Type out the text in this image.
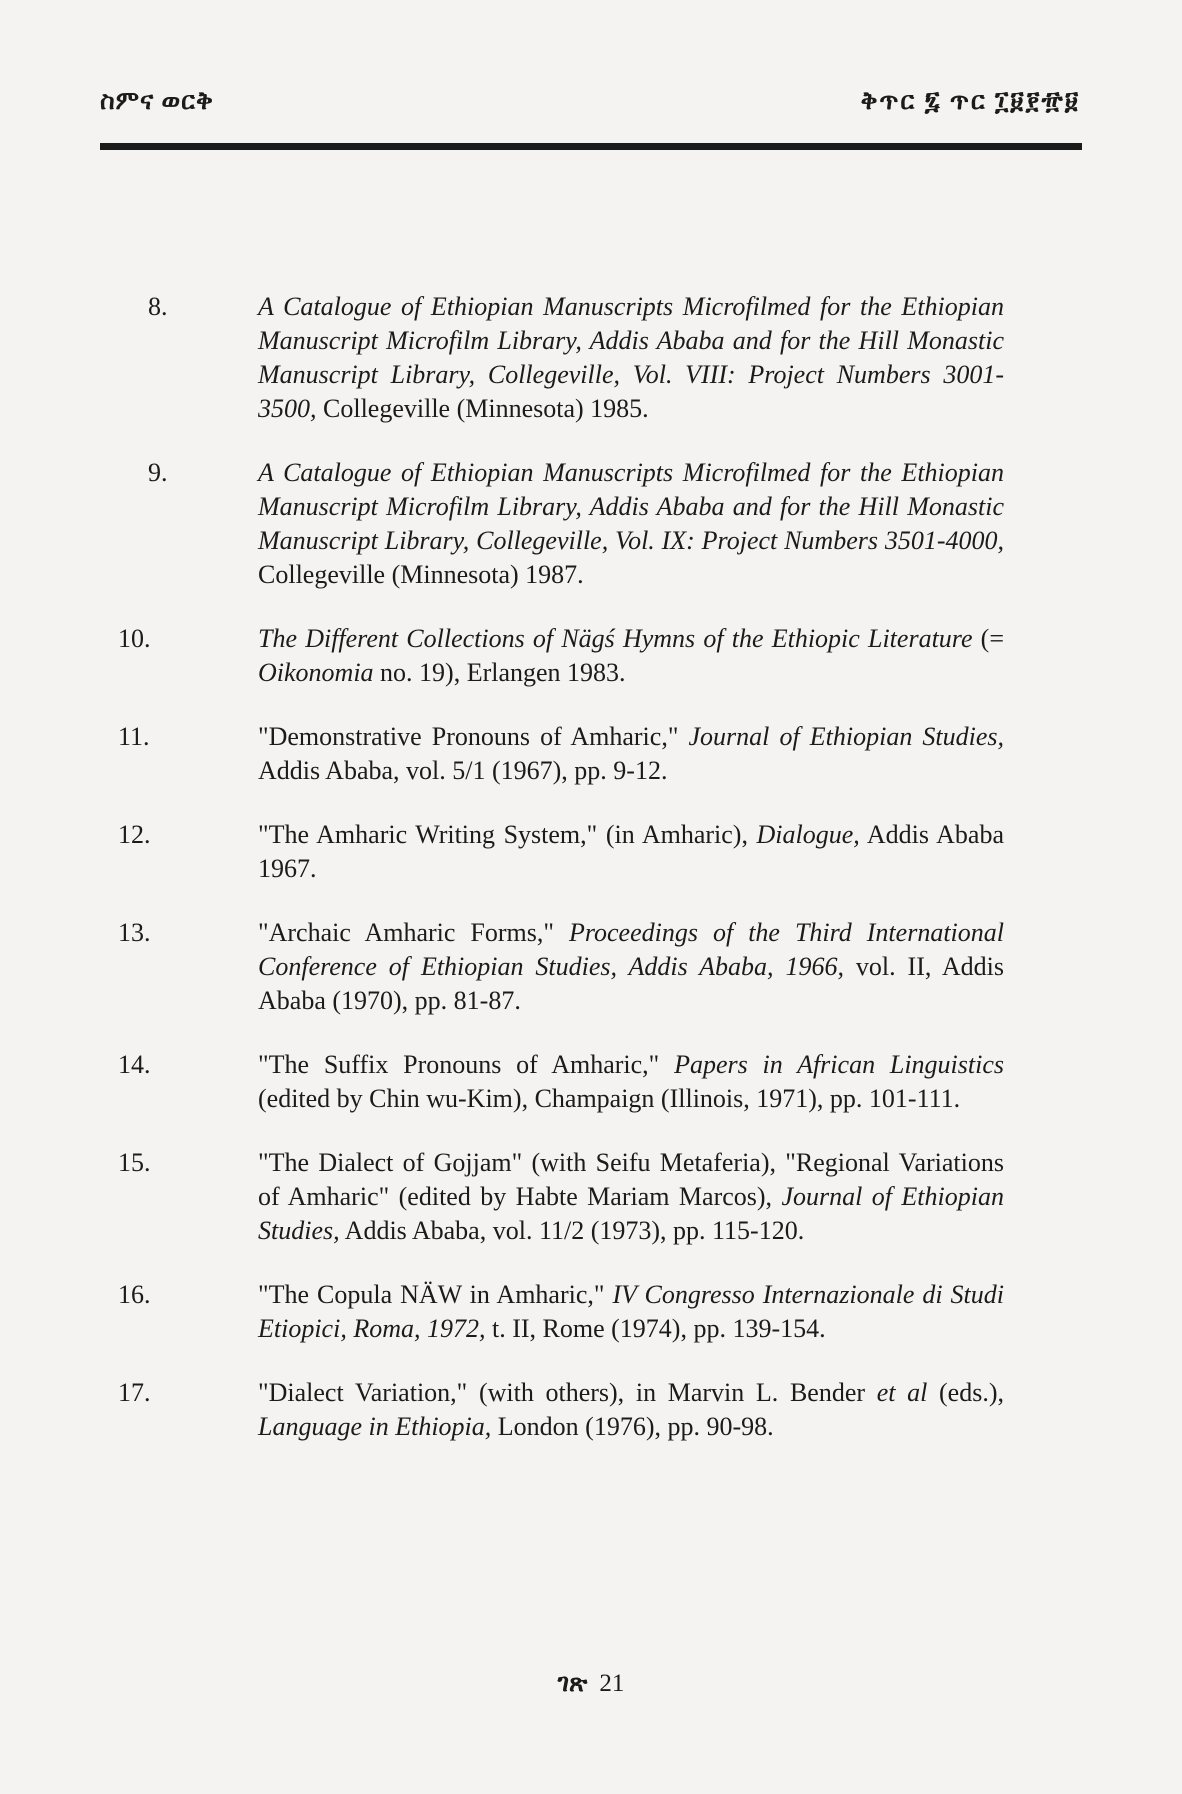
ስምና ወርቅ	ቅጥር ፯ ጥር ፲፱፻፹፱
8.	A Catalogue of Ethiopian Manuscripts Microfilmed for the Ethiopian Manuscript Microfilm Library, Addis Ababa and for the Hill Monastic Manuscript Library, Collegeville, Vol. VIII: Project Numbers 3001-3500, Collegeville (Minnesota) 1985.
9.	A Catalogue of Ethiopian Manuscripts Microfilmed for the Ethiopian Manuscript Microfilm Library, Addis Ababa and for the Hill Monastic Manuscript Library, Collegeville, Vol. IX: Project Numbers 3501-4000, Collegeville (Minnesota) 1987.
10.	The Different Collections of Nägś Hymns of the Ethiopic Literature (= Oikonomia no. 19), Erlangen 1983.
11.	"Demonstrative Pronouns of Amharic," Journal of Ethiopian Studies, Addis Ababa, vol. 5/1 (1967), pp. 9-12.
12.	"The Amharic Writing System," (in Amharic), Dialogue, Addis Ababa 1967.
13.	"Archaic Amharic Forms," Proceedings of the Third International Conference of Ethiopian Studies, Addis Ababa, 1966, vol. II, Addis Ababa (1970), pp. 81-87.
14.	"The Suffix Pronouns of Amharic," Papers in African Linguistics (edited by Chin wu-Kim), Champaign (Illinois, 1971), pp. 101-111.
15.	"The Dialect of Gojjam" (with Seifu Metaferia), "Regional Variations of Amharic" (edited by Habte Mariam Marcos), Journal of Ethiopian Studies, Addis Ababa, vol. 11/2 (1973), pp. 115-120.
16.	"The Copula NÄW in Amharic," IV Congresso Internazionale di Studi Etiopici, Roma, 1972, t. II, Rome (1974), pp. 139-154.
17.	"Dialect Variation," (with others), in Marvin L. Bender et al (eds.), Language in Ethiopia, London (1976), pp. 90-98.
ገጽ 21
